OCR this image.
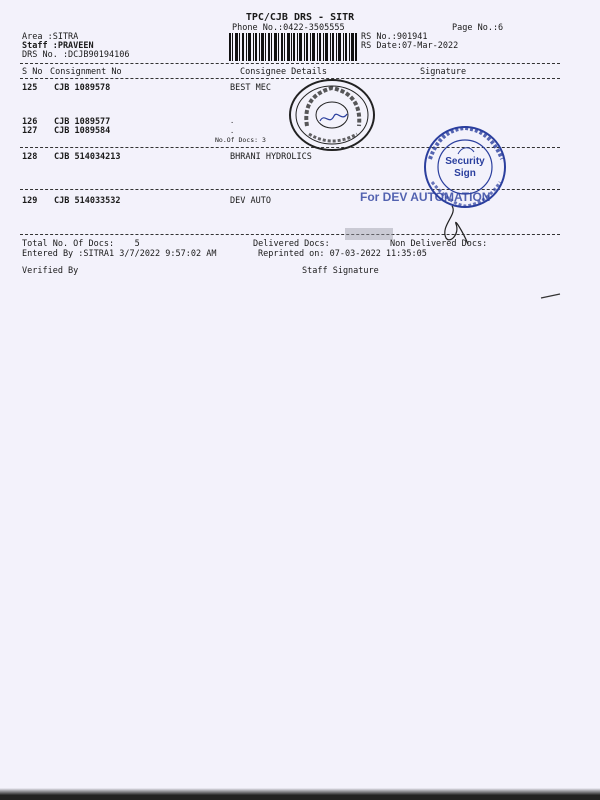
TPC/CJB DRS - SITR
Phone No.:0422-3505555	Page No.:6
Area :SITRA
Staff :PRAVEEN
DRS No. :DCJB90194106
RS No.:901941
RS Date:07-Mar-2022
S No Consignment No	Consignee Details	Signature
125 CJB 1089578	BEST MEC
126 CJB 1089577
127 CJB 1089584
.
.
No.Of Docs: 3
128 CJB 514034213	BHRANI HYDROLICS
129 CJB 514033532	DEV AUTO
Total No. Of Docs:    5	Delivered Docs:	Non Delivered Docs:
Entered By :SITRA1 3/7/2022 9:57:02 AM	Reprinted on: 07-03-2022 11:35:05
Verified By	Staff Signature
Security
Sign
For DEV AUTOMATION
